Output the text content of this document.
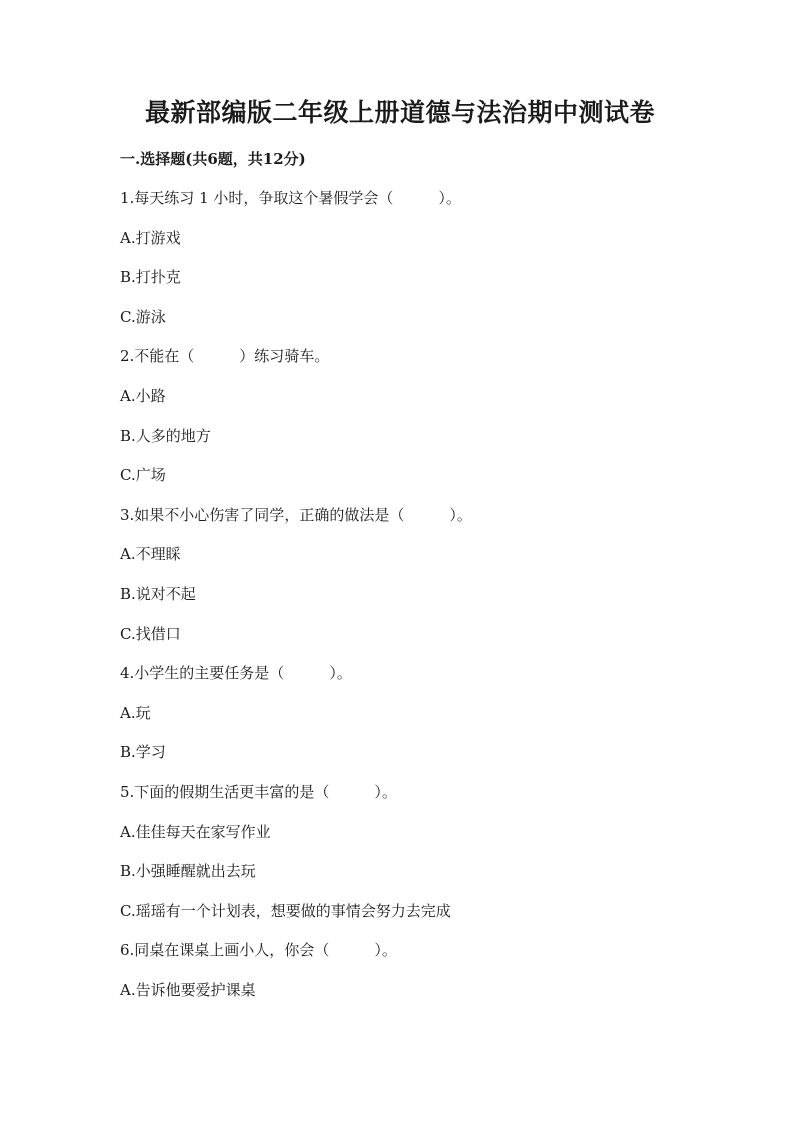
最新部编版二年级上册道德与法治期中测试卷
一.选择题(共6题，共12分)
1.每天练习 1 小时，争取这个暑假学会（　　　）。
A.打游戏
B.打扑克
C.游泳
2.不能在（　　　）练习骑车。
A.小路
B.人多的地方
C.广场
3.如果不小心伤害了同学，正确的做法是（　　　）。
A.不理睬
B.说对不起
C.找借口
4.小学生的主要任务是（　　　）。
A.玩
B.学习
5.下面的假期生活更丰富的是（　　　）。
A.佳佳每天在家写作业
B.小强睡醒就出去玩
C.瑶瑶有一个计划表，想要做的事情会努力去完成
6.同桌在课桌上画小人，你会（　　　）。
A.告诉他要爱护课桌
